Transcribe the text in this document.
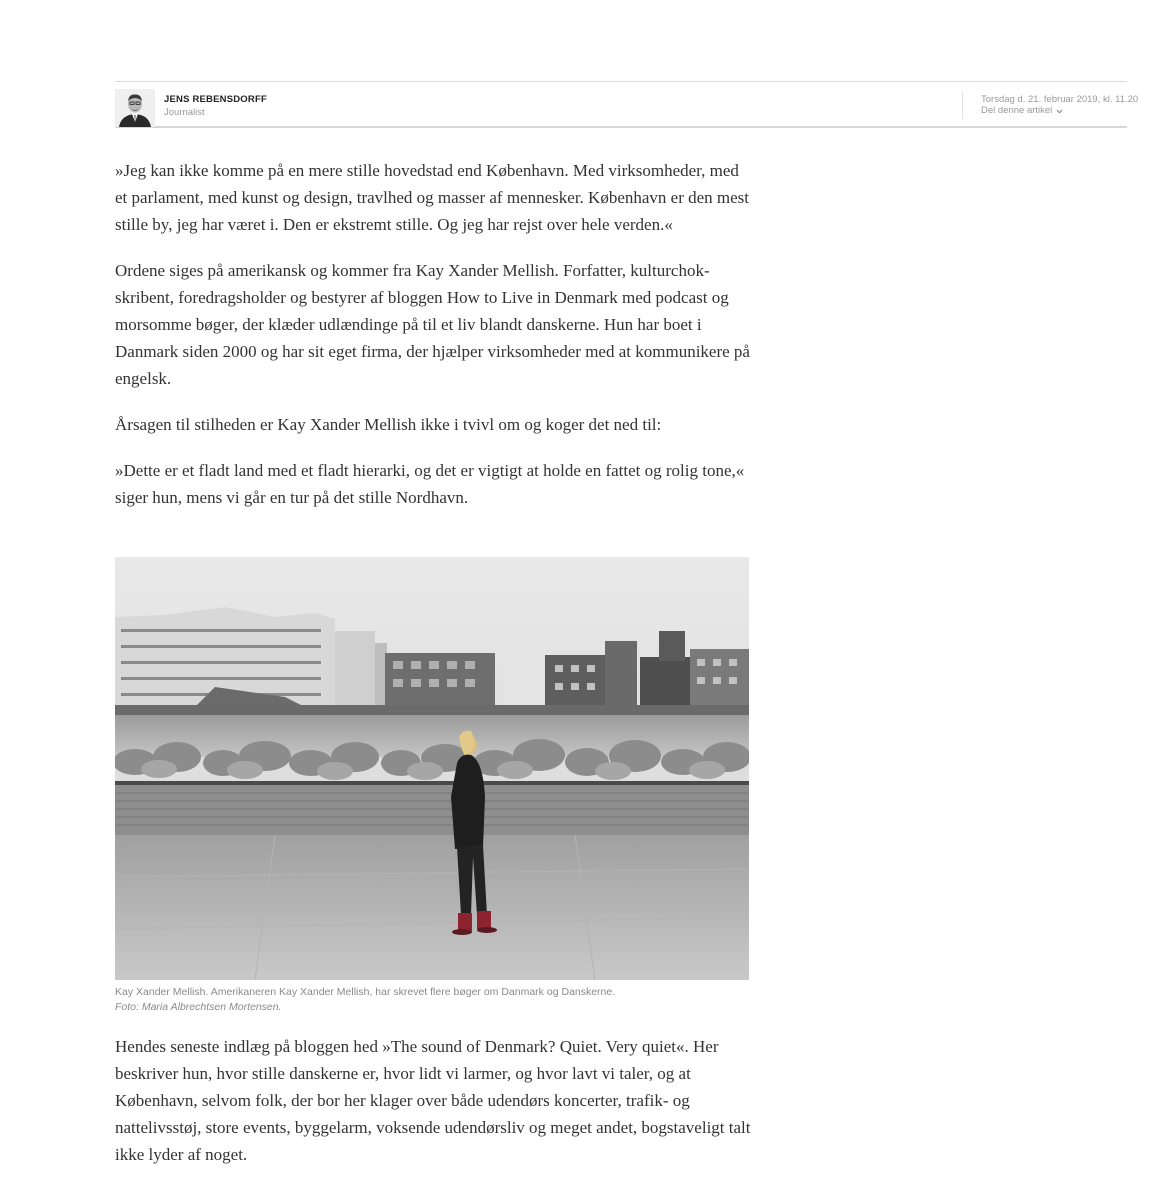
JENS REBENSDORFF
Journalist
Torsdag d. 21. februar 2019, kl. 11.20
Del denne artikel

»Jeg kan ikke komme på en mere stille hovedstad end København. Med virksomheder, med et parlament, med kunst og design, travlhed og masser af mennesker. København er den mest stille by, jeg har været i. Den er ekstremt stille. Og jeg har rejst over hele verden.«

Ordene siges på amerikansk og kommer fra Kay Xander Mellish. Forfatter, kulturchok-skribent, foredragsholder og bestyrer af bloggen How to Live in Denmark med podcast og morsomme bøger, der klæder udlændinge på til et liv blandt danskerne. Hun har boet i Danmark siden 2000 og har sit eget firma, der hjælper virksomheder med at kommunikere på engelsk.

Årsagen til stilheden er Kay Xander Mellish ikke i tvivl om og koger det ned til:

»Dette er et fladt land med et fladt hierarki, og det er vigtigt at holde en fattet og rolig tone,« siger hun, mens vi går en tur på det stille Nordhavn.

Kay Xander Mellish. Amerikaneren Kay Xander Mellish, har skrevet flere bøger om Danmark og Danskerne.
Foto: Maria Albrechtsen Mortensen.

Hendes seneste indlæg på bloggen hed »The sound of Denmark? Quiet. Very quiet«. Her beskriver hun, hvor stille danskerne er, hvor lidt vi larmer, og hvor lavt vi taler, og at København, selvom folk, der bor her klager over både udendørs koncerter, trafik- og nattelivsstøj, store events, byggelarm, voksende udendørsliv og meget andet, bogstaveligt talt ikke lyder af noget.
